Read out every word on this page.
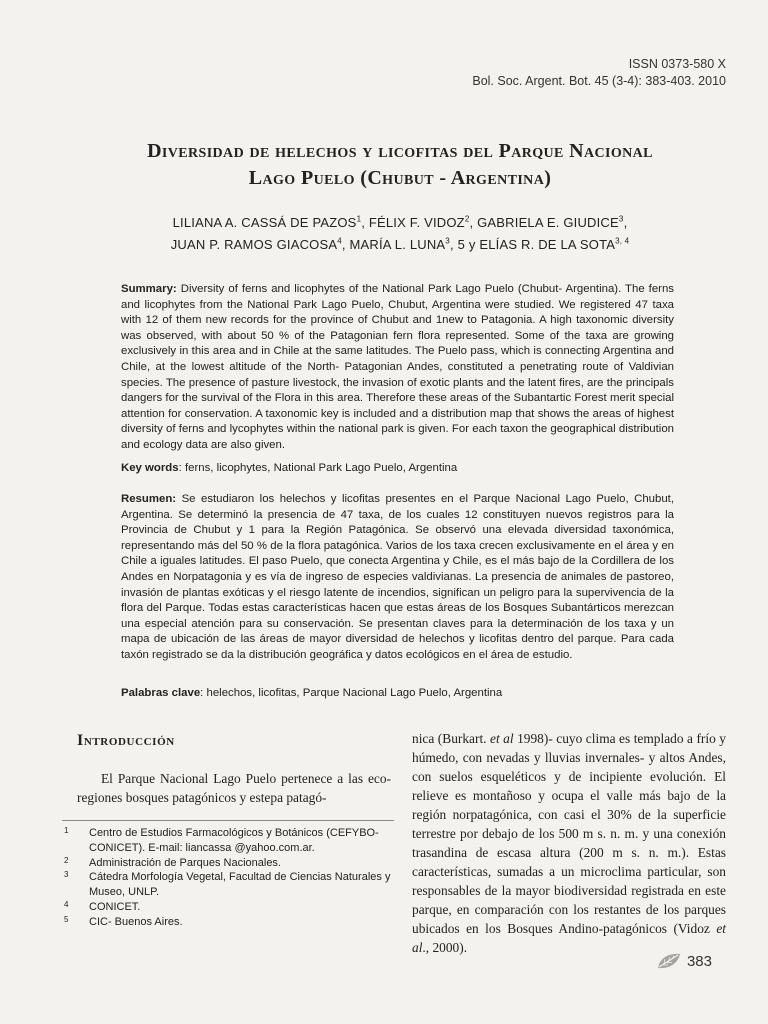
ISSN 0373-580 X
Bol. Soc. Argent. Bot. 45 (3-4): 383-403. 2010
Diversidad de helechos y licofitas del Parque Nacional
Lago Puelo (Chubut - Argentina)
LILIANA A. CASSÁ DE PAZOS$^1$, FÉLIX F. VIDOZ$^2$, GABRIELA E. GIUDICE$^3$,
JUAN P. RAMOS GIACOSA$^4$, MARÍA L. LUNA$^3$, 5 y ELÍAS R. DE LA SOTA$^{3, 4}$

Summary: Diversity of ferns and licophytes of the National Park Lago Puelo (Chubut- Argentina). The ferns and licophytes from the National Park Lago Puelo, Chubut, Argentina were studied. We registered 47 taxa with 12 of them new records for the province of Chubut and 1new to Patagonia. A high taxonomic diversity was observed, with about 50 % of the Patagonian fern flora represented. Some of the taxa are growing exclusively in this area and in Chile at the same latitudes. The Puelo pass, which is connecting Argentina and Chile, at the lowest altitude of the North- Patagonian Andes, constituted a penetrating route of Valdivian species. The presence of pasture livestock, the invasion of exotic plants and the latent fires, are the principals dangers for the survival of the Flora in this area. Therefore these areas of the Subantartic Forest merit special attention for conservation. A taxonomic key is included and a distribution map that shows the areas of highest diversity of ferns and lycophytes within the national park is given. For each taxon the geographical distribution and ecology data are also given.

Key words: ferns, licophytes, National Park Lago Puelo, Argentina

Resumen: Se estudiaron los helechos y licofitas presentes en el Parque Nacional Lago Puelo, Chubut, Argentina. Se determinó la presencia de 47 taxa, de los cuales 12 constituyen nuevos registros para la Provincia de Chubut y 1 para la Región Patagónica. Se observó una elevada diversidad taxonómica, representando más del 50 % de la flora patagónica. Varios de los taxa crecen exclusivamente en el área y en Chile a iguales latitudes. El paso Puelo, que conecta Argentina y Chile, es el más bajo de la Cordillera de los Andes en Norpatagonia y es vía de ingreso de especies valdivianas. La presencia de animales de pastoreo, invasión de plantas exóticas y el riesgo latente de incendios, significan un peligro para la supervivencia de la flora del Parque. Todas estas características hacen que estas áreas de los Bosques Subantárticos merezcan una especial atención para su conservación. Se presentan claves para la determinación de los taxa y un mapa de ubicación de las áreas de mayor diversidad de helechos y licofitas dentro del parque. Para cada taxón registrado se da la distribución geográfica y datos ecológicos en el área de estudio.

Palabras clave: helechos, licofitas, Parque Nacional Lago Puelo, Argentina

Introducción

El Parque Nacional Lago Puelo pertenece a las eco-regiones bosques patagónicos y estepa patagó-

1 Centro de Estudios Farmacológicos y Botánicos (CEFYBO-CONICET). E-mail: liancassa @yahoo.com.ar.
2 Administración de Parques Nacionales.
3 Cátedra Morfología Vegetal, Facultad de Ciencias Naturales y Museo, UNLP.
4 CONICET.
5 CIC- Buenos Aires.

nica (Burkart. et al 1998)- cuyo clima es templado a frío y húmedo, con nevadas y lluvias invernales- y altos Andes, con suelos esqueléticos y de incipiente evolución. El relieve es montañoso y ocupa el valle más bajo de la región norpatagónica, con casi el 30% de la superficie terrestre por debajo de los 500 m s. n. m. y una conexión trasandina de escasa altura (200 m s. n. m.). Estas características, sumadas a un microclima particular, son responsables de la mayor biodiversidad registrada en este parque, en comparación con los restantes de los parques ubicados en los Bosques Andino-patagónicos (Vidoz et al., 2000).

383
